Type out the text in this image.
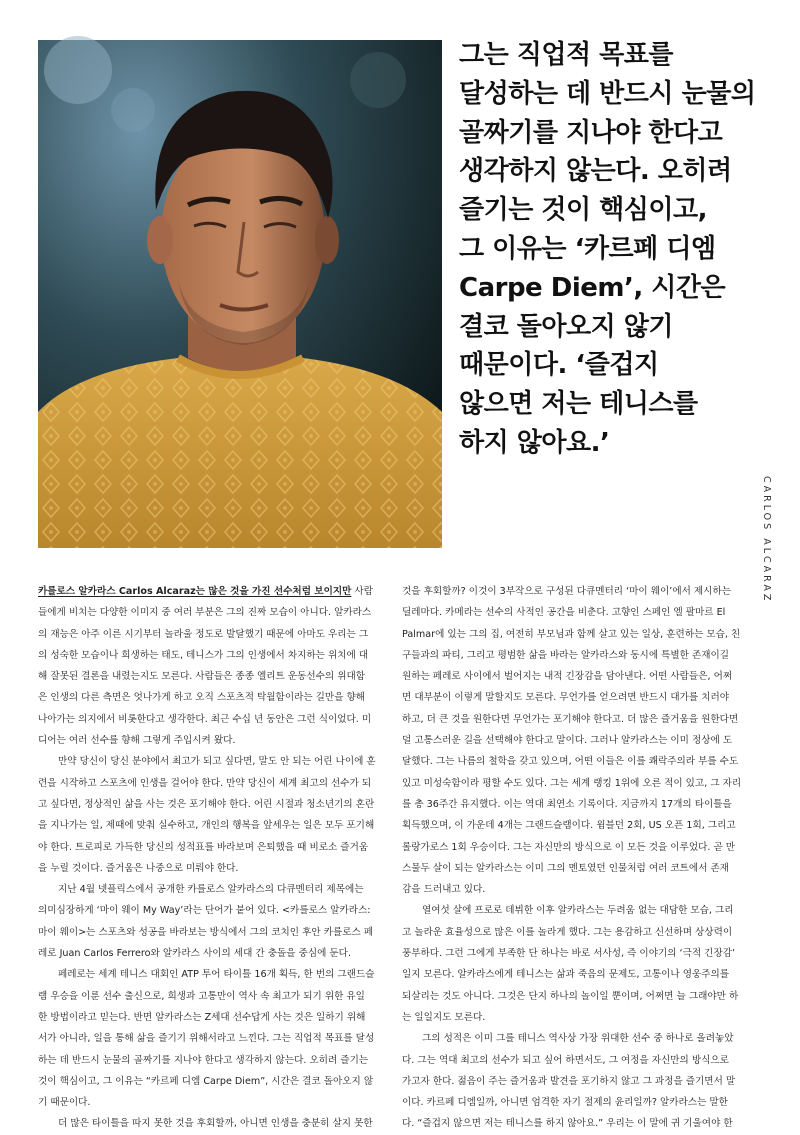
그는 직업적 목표를
달성하는 데 반드시 눈물의
골짜기를 지나야 한다고
생각하지 않는다. 오히려
즐기는 것이 핵심이고,
그 이유는 ‘카르페 디엠
Carpe Diem’, 시간은
결코 돌아오지 않기
때문이다. ‘즐겁지
않으면 저는 테니스를
하지 않아요.’
CARLOS ALCARAZ
카를로스 알카라스 Carlos Alcaraz는 많은 것을 가진 선수처럼 보이지만 사람
들에게 비치는 다양한 이미지 중 여러 부분은 그의 진짜 모습이 아니다. 알카라스
의 재능은 아주 이른 시기부터 놀라울 정도로 발달했기 때문에 아마도 우리는 그
의 성숙한 모습이나 희생하는 태도, 테니스가 그의 인생에서 차지하는 위치에 대
해 잘못된 결론을 내렸는지도 모른다. 사람들은 종종 엘리트 운동선수의 위대함
은 인생의 다른 측면은 엇나가게 하고 오직 스포츠적 탁월함이라는 길만을 향해
나아가는 의지에서 비롯한다고 생각한다. 최근 수십 년 동안은 그런 식이었다. 미
디어는 여러 선수를 향해 그렇게 주입시켜 왔다.
만약 당신이 당신 분야에서 최고가 되고 싶다면, 말도 안 되는 어린 나이에 훈
련을 시작하고 스포츠에 인생을 걸어야 한다. 만약 당신이 세계 최고의 선수가 되
고 싶다면, 정상적인 삶을 사는 것은 포기해야 한다. 어린 시절과 청소년기의 혼란
을 지나가는 일, 제때에 맞춰 실수하고, 개인의 행복을 앞세우는 일은 모두 포기해
야 한다. 트로피로 가득한 당신의 성적표를 바라보며 은퇴했을 때 비로소 즐거움
을 누릴 것이다. 즐거움은 나중으로 미뤄야 한다.
지난 4월 넷플릭스에서 공개한 카를로스 알카라스의 다큐멘터리 제목에는
의미심장하게 ‘마이 웨이 My Way’라는 단어가 붙어 있다. <카를로스 알카라스:
마이 웨이>는 스포츠와 성공을 바라보는 방식에서 그의 코치인 후안 카를로스 페
레로 Juan Carlos Ferrero와 알카라스 사이의 세대 간 충돌을 중심에 둔다.
페레로는 세계 테니스 대회인 ATP 투어 타이틀 16개 획득, 한 번의 그랜드슬
램 우승을 이룬 선수 출신으로, 희생과 고통만이 역사 속 최고가 되기 위한 유일
한 방법이라고 믿는다. 반면 알카라스는 Z세대 선수답게 사는 것은 일하기 위해
서가 아니라, 일을 통해 삶을 즐기기 위해서라고 느낀다. 그는 직업적 목표를 달성
하는 데 반드시 눈물의 골짜기를 지나야 한다고 생각하지 않는다. 오히려 즐기는
것이 핵심이고, 그 이유는 “카르페 디엠 Carpe Diem”, 시간은 결코 돌아오지 않
기 때문이다.
더 많은 타이틀을 따지 못한 것을 후회할까, 아니면 인생을 충분히 살지 못한
것을 후회할까? 이것이 3부작으로 구성된 다큐멘터리 ‘마이 웨이’에서 제시하는
딜레마다. 카메라는 선수의 사적인 공간을 비춘다. 고향인 스페인 엘 팔마르 El
Palmar에 있는 그의 집, 여전히 부모님과 함께 살고 있는 일상, 훈련하는 모습, 친
구들과의 파티, 그리고 평범한 삶을 바라는 알카라스와 동시에 특별한 존재이길
원하는 페레로 사이에서 벌어지는 내적 긴장감을 담아낸다. 어떤 사람들은, 어쩌
면 대부분이 이렇게 말할지도 모른다. 무언가를 얻으려면 반드시 대가를 치러야
하고, 더 큰 것을 원한다면 무언가는 포기해야 한다고. 더 많은 즐거움을 원한다면
덜 고통스러운 길을 선택해야 한다고 말이다. 그러나 알카라스는 이미 정상에 도
달했다. 그는 나름의 철학을 갖고 있으며, 어떤 이들은 이를 쾌락주의라 부를 수도
있고 미성숙함이라 평할 수도 있다. 그는 세계 랭킹 1위에 오른 적이 있고, 그 자리
를 총 36주간 유지했다. 이는 역대 최연소 기록이다. 지금까지 17개의 타이틀을
획득했으며, 이 가운데 4개는 그랜드슬램이다. 윔블던 2회, US 오픈 1회, 그리고
롤랑가로스 1회 우승이다. 그는 자신만의 방식으로 이 모든 것을 이루었다. 곧 만
스물두 살이 되는 알카라스는 이미 그의 멘토였던 인물처럼 여러 코트에서 존재
감을 드러내고 있다.
열여섯 살에 프로로 데뷔한 이후 알카라스는 두려움 없는 대담한 모습, 그리
고 놀라운 효율성으로 많은 이를 놀라게 했다. 그는 용감하고 신선하며 상상력이
풍부하다. 그런 그에게 부족한 단 하나는 바로 서사성, 즉 이야기의 ‘극적 긴장감’
일지 모른다. 알카라스에게 테니스는 삶과 죽음의 문제도, 고통이나 영웅주의를
되살리는 것도 아니다. 그것은 단지 하나의 놀이일 뿐이며, 어쩌면 늘 그래야만 하
는 일일지도 모른다.
그의 성적은 이미 그를 테니스 역사상 가장 위대한 선수 중 하나로 올려놓았
다. 그는 역대 최고의 선수가 되고 싶어 하면서도, 그 여정을 자신만의 방식으로
가고자 한다. 젊음이 주는 즐거움과 발견을 포기하지 않고 그 과정을 즐기면서 말
이다. 카르페 디엠일까, 아니면 엄격한 자기 절제의 윤리일까? 알카라스는 말한
다. “즐겁지 않으면 저는 테니스를 하지 않아요.” 우리는 이 말에 귀 기울여야 한
